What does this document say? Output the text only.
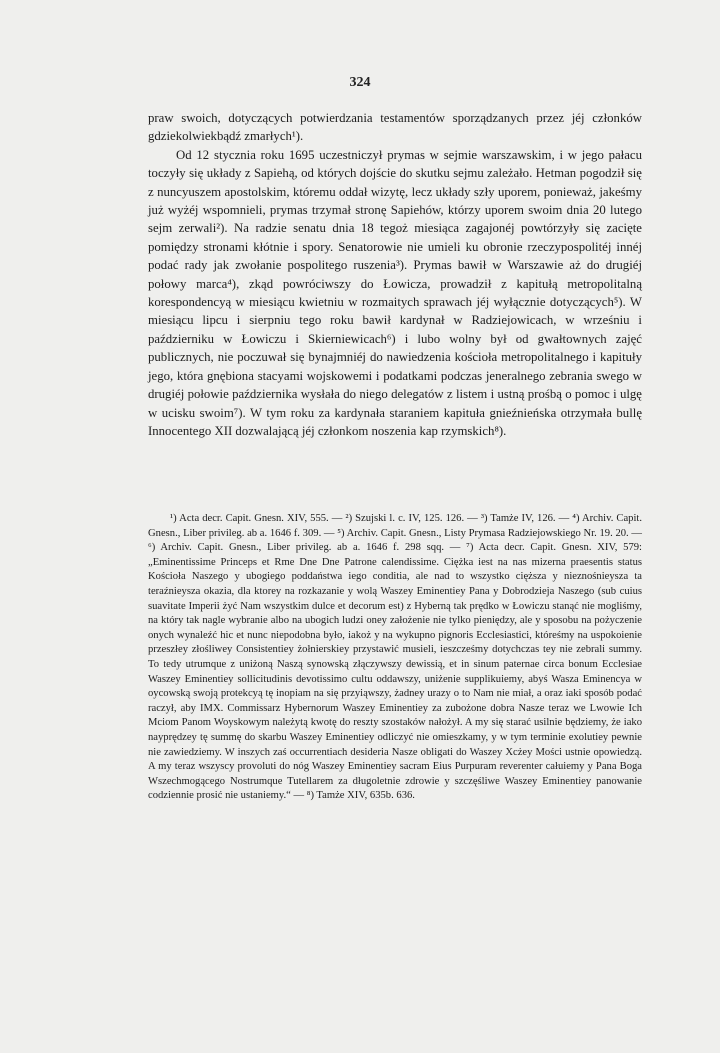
324

praw swoich, dotyczących potwierdzania testamentów sporządzanych przez jéj członków gdziekolwiekbądź zmarłych¹).

Od 12 stycznia roku 1695 uczestniczył prymas w sejmie warszawskim, i w jego pałacu toczyły się układy z Sapiehą, od których dojście do skutku sejmu zależało. Hetman pogodził się z nuncyuszem apostolskim, któremu oddał wizytę, lecz układy szły uporem, ponieważ, jakeśmy już wyżéj wspomnieli, prymas trzymał stronę Sapiehów, którzy uporem swoim dnia 20 lutego sejm zerwali²). Na radzie senatu dnia 18 tegoż miesiąca zagajonéj powtórzyły się zacięte pomiędzy stronami kłótnie i spory. Senatorowie nie umieli ku obronie rzeczypospolitéj innéj podać rady jak zwołanie pospolitego ruszenia³). Prymas bawił w Warszawie aż do drugiéj połowy marca⁴), zkąd powróciwszy do Łowicza, prowadził z kapitułą metropolitalną korespondencyą w miesiącu kwietniu w rozmaitych sprawach jéj wyłącznie dotyczących⁵). W miesiącu lipcu i sierpniu tego roku bawił kardynał w Radziejowicach, w wrześniu i październiku w Łowiczu i Skierniewicach⁶) i lubo wolny był od gwałtownych zajęć publicznych, nie poczuwał się bynajmniéj do nawiedzenia kościoła metropolitalnego i kapituły jego, która gnębiona stacyami wojskowemi i podatkami podczas jeneralnego zebrania swego w drugiéj połowie października wysłała do niego delegatów z listem i ustną prośbą o pomoc i ulgę w ucisku swoim⁷). W tym roku za kardynała staraniem kapituła gnieźnieńska otrzymała bullę Innocentego XII dozwalającą jéj członkom noszenia kap rzymskich⁸).

¹) Acta decr. Capit. Gnesn. XIV, 555. — ²) Szujski l. c. IV, 125. 126. — ³) Tamże IV, 126. — ⁴) Archiv. Capit. Gnesn., Liber privileg. ab a. 1646 f. 309. — ⁵) Archiv. Capit. Gnesn., Listy Prymasa Radziejowskiego Nr. 19. 20. — ⁶) Archiv. Capit. Gnesn., Liber privileg. ab a. 1646 f. 298 sqq. — ⁷) Acta decr. Capit. Gnesn. XIV, 579: „Eminentissime Princeps et Rme Dne Dne Patrone calendissime. Ciężka iest na nas mizerna praesentis status Kościoła Naszego y ubogiego poddaństwa iego conditia, ale nad to wszystko cięższa y nieznośnieysza ta teraźnieysza okazia, dla ktorey na rozkazanie y wolą Waszey Eminentiey Pana y Dobrodzieja Naszego (sub cuius suavitate Imperii żyć Nam wszystkim dulce et decorum est) z Hyberną tak prędko w Łowiczu stanąć nie mogliśmy, na który tak nagle wybranie albo na ubogich ludzi oney założenie nie tylko pieniędzy, ale y sposobu na pożyczenie onych wynaleźć hic et nunc niepodobna było, iakoż y na wykupno pignoris Ecclesiastici, któreśmy na uspokoienie przeszłey złośliwey Consistentiey żołnierskiey przystawić musieli, ieszcześmy dotychczas tey nie zebrali summy. To tedy utrumque z uniżoną Naszą synowską złączywszy dewissią, et in sinum paternae circa bonum Ecclesiae Waszey Eminentiey sollicitudinis devotissimo cultu oddawszy, uniżenie supplikuiemy, abyś Wasza Eminencya w oycowską swoją protekcyą tę inopiam na się przyiąwszy, żadney urazy o to Nam nie miał, a oraz iaki sposób podać raczył, aby IMX. Commissarz Hybernorum Waszey Eminentiey za zubożone dobra Nasze teraz we Lwowie Ich Mciom Panom Woyskowym należytą kwotę do reszty szostaków nałożył. A my się starać usilnie będziemy, że iako nayprędzey tę summę do skarbu Waszey Eminentiey odliczyć nie omieszkamy, y w tym terminie exolutiey pewnie nie zawiedziemy. W inszych zaś occurrentiach desideria Nasze obligati do Waszey Xcżey Mości ustnie opowiedzą. A my teraz wszyscy provoluti do nóg Waszey Eminentiey sacram Eius Purpuram reverenter całuiemy y Pana Boga Wszechmogącego Nostrumque Tutellarem za długoletnie zdrowie y szczęśliwe Waszey Eminentiey panowanie codziennie prosić nie ustaniemy.“ — ⁸) Tamże XIV, 635b. 636.
